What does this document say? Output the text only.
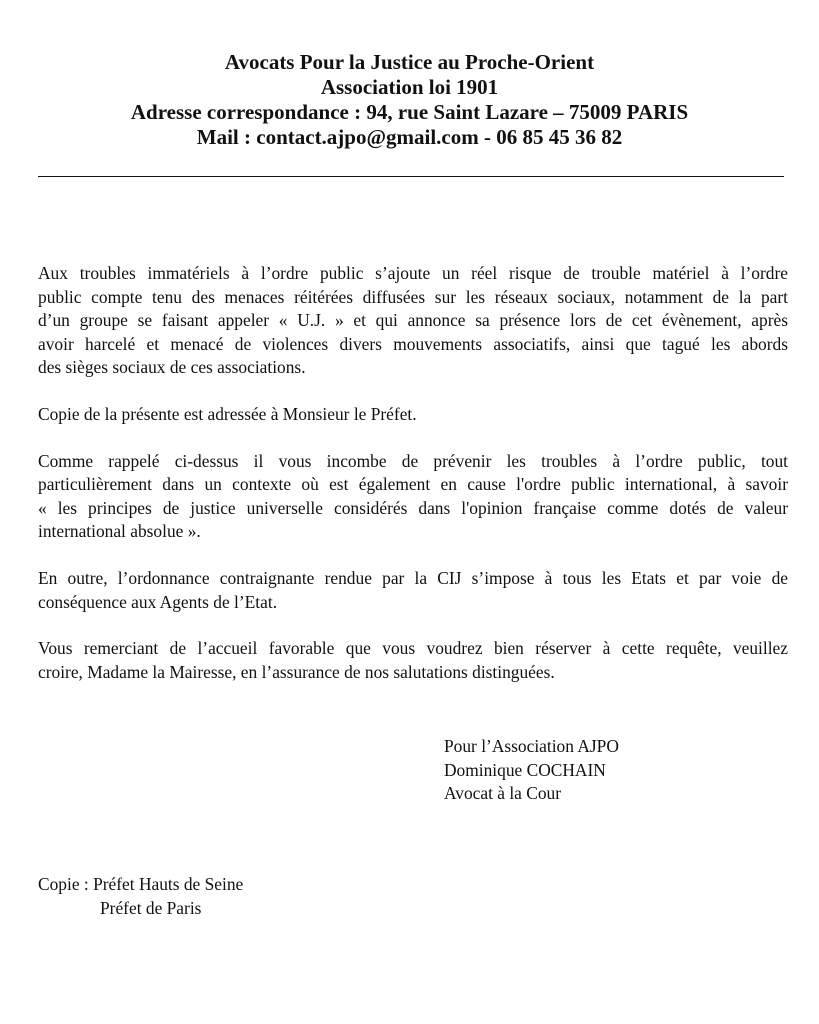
Avocats Pour la Justice au Proche-Orient
Association loi 1901
Adresse correspondance : 94, rue Saint Lazare – 75009 PARIS
Mail : contact.ajpo@gmail.com - 06 85 45 36 82
Aux troubles immatériels à l’ordre public s’ajoute un réel risque de trouble matériel à l’ordre
public compte tenu des menaces réitérées diffusées sur les réseaux sociaux, notamment de la part
d’un groupe se faisant appeler « U.J. » et qui annonce sa présence lors de cet évènement, après
avoir harcelé et menacé de violences divers mouvements associatifs, ainsi que tagué les abords
des sièges sociaux de ces associations.
Copie de la présente est adressée à Monsieur le Préfet.
Comme rappelé ci-dessus il vous incombe de prévenir les troubles à l’ordre public, tout
particulièrement dans un contexte où est également en cause l'ordre public international, à savoir
« les principes de justice universelle considérés dans l'opinion française comme dotés de valeur
international absolue ».
En outre, l’ordonnance contraignante rendue par la CIJ s’impose à tous les Etats et par voie de
conséquence aux Agents de l’Etat.
Vous remerciant de l’accueil favorable que vous voudrez bien réserver à cette requête, veuillez
croire, Madame la Mairesse, en l’assurance de nos salutations distinguées.
Pour l’Association AJPO
Dominique COCHAIN
Avocat à la Cour
Copie : Préfet Hauts de Seine
Préfet de Paris
